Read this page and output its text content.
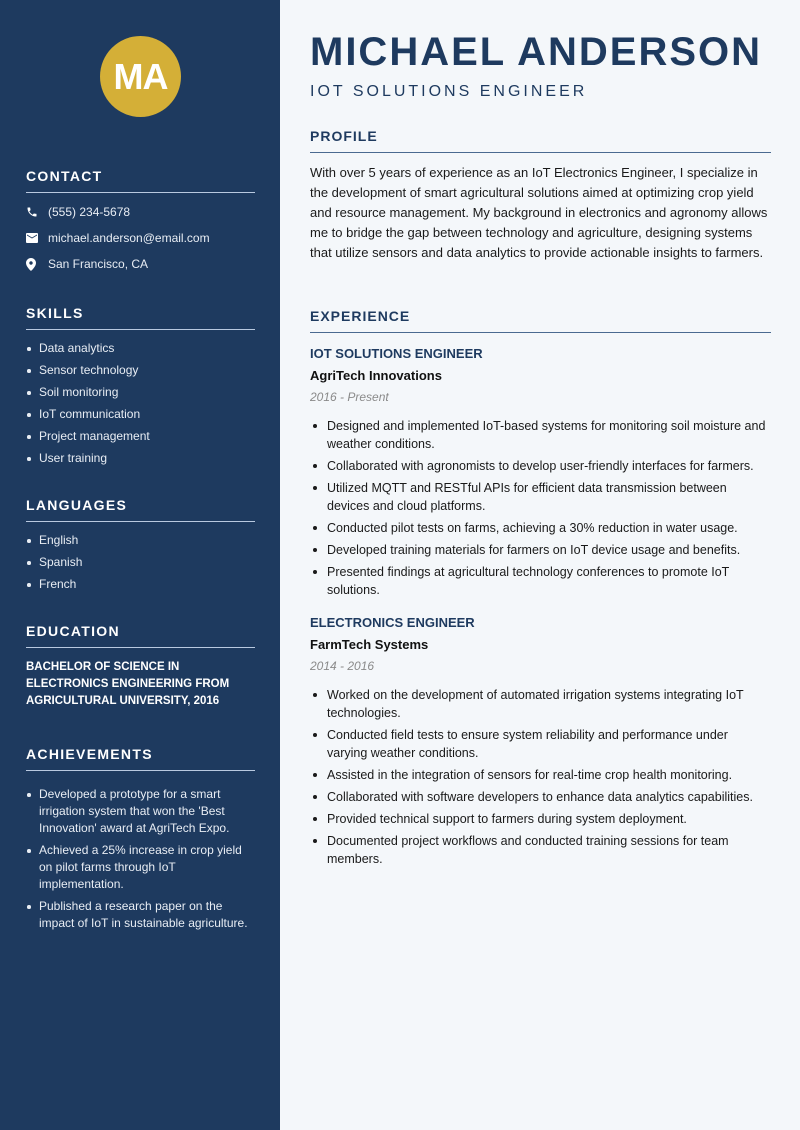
MA
CONTACT
(555) 234-5678
michael.anderson@email.com
San Francisco, CA
SKILLS
Data analytics
Sensor technology
Soil monitoring
IoT communication
Project management
User training
LANGUAGES
English
Spanish
French
EDUCATION
BACHELOR OF SCIENCE IN ELECTRONICS ENGINEERING FROM AGRICULTURAL UNIVERSITY, 2016
ACHIEVEMENTS
Developed a prototype for a smart irrigation system that won the 'Best Innovation' award at AgriTech Expo.
Achieved a 25% increase in crop yield on pilot farms through IoT implementation.
Published a research paper on the impact of IoT in sustainable agriculture.
MICHAEL ANDERSON
IOT SOLUTIONS ENGINEER
PROFILE

With over 5 years of experience as an IoT Electronics Engineer, I specialize in the development of smart agricultural solutions aimed at optimizing crop yield and resource management. My background in electronics and agronomy allows me to bridge the gap between technology and agriculture, designing systems that utilize sensors and data analytics to provide actionable insights to farmers.

EXPERIENCE
IOT SOLUTIONS ENGINEER
AgriTech Innovations
2016 - Present
Designed and implemented IoT-based systems for monitoring soil moisture and weather conditions.
Collaborated with agronomists to develop user-friendly interfaces for farmers.
Utilized MQTT and RESTful APIs for efficient data transmission between devices and cloud platforms.
Conducted pilot tests on farms, achieving a 30% reduction in water usage.
Developed training materials for farmers on IoT device usage and benefits.
Presented findings at agricultural technology conferences to promote IoT solutions.
ELECTRONICS ENGINEER
FarmTech Systems
2014 - 2016
Worked on the development of automated irrigation systems integrating IoT technologies.
Conducted field tests to ensure system reliability and performance under varying weather conditions.
Assisted in the integration of sensors for real-time crop health monitoring.
Collaborated with software developers to enhance data analytics capabilities.
Provided technical support to farmers during system deployment.
Documented project workflows and conducted training sessions for team members.
